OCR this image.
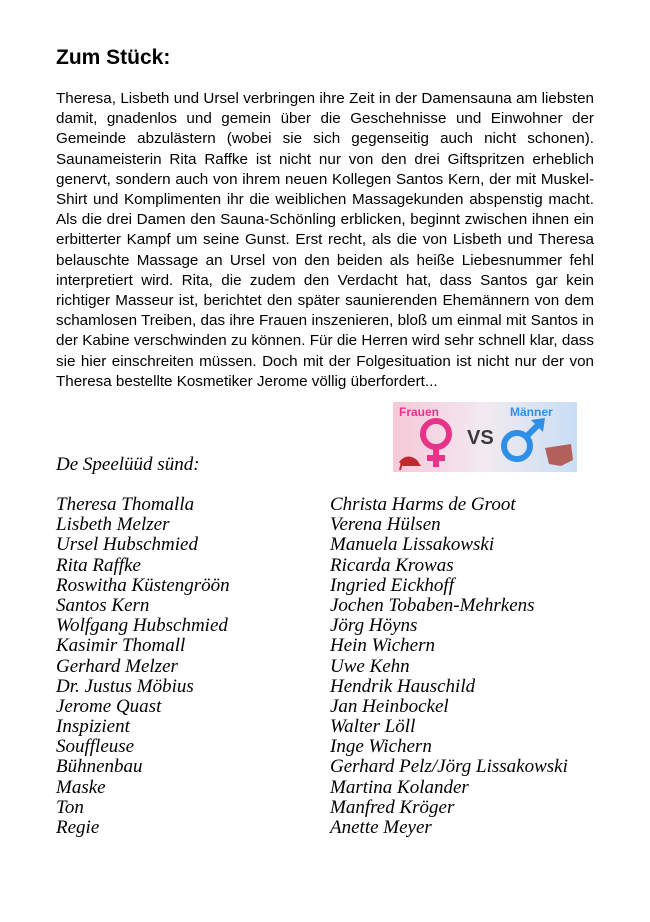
Zum Stück:

Theresa, Lisbeth und Ursel verbringen ihre Zeit in der Damensauna am liebsten damit, gnadenlos und gemein über die Geschehnisse und Einwohner der Gemeinde abzulästern (wobei sie sich gegenseitig auch nicht schonen). Saunameisterin Rita Raffke ist nicht nur von den drei Giftspritzen erheblich genervt, sondern auch von ihrem neuen Kollegen Santos Kern, der mit Muskel-Shirt und Komplimenten ihr die weiblichen Massagekunden abspenstig macht. Als die drei Damen den Sauna-Schönling erblicken, beginnt zwischen ihnen ein erbitterter Kampf um seine Gunst. Erst recht, als die von Lisbeth und Theresa belauschte Massage an Ursel von den beiden als heiße Liebesnummer fehl interpretiert wird. Rita, die zudem den Verdacht hat, dass Santos gar kein richtiger Masseur ist, berichtet den später saunierenden Ehemännern von dem schamlosen Treiben, das ihre Frauen inszenieren, bloß um einmal mit Santos in der Kabine verschwinden zu können. Für die Herren wird sehr schnell klar, dass sie hier einschreiten müssen. Doch mit der Folgesituation ist nicht nur der von Theresa bestellte Kosmetiker Jerome völlig überfordert...

Frauen	Männer
VS

De Speelüüd sünd:

Theresa Thomalla	Christa Harms de Groot
Lisbeth Melzer	Verena Hülsen
Ursel Hubschmied	Manuela Lissakowski
Rita Raffke	Ricarda Krowas
Roswitha Küstengröön	Ingried Eickhoff
Santos Kern	Jochen Tobaben-Mehrkens
Wolfgang Hubschmied	Jörg Höyns
Kasimir Thomall	Hein Wichern
Gerhard Melzer	Uwe Kehn
Dr. Justus Möbius	Hendrik Hauschild
Jerome Quast	Jan Heinbockel
Inspizient	Walter Löll
Souffleuse	Inge Wichern
Bühnenbau	Gerhard Pelz/Jörg Lissakowski
Maske	Martina Kolander
Ton	Manfred Kröger
Regie	Anette Meyer
